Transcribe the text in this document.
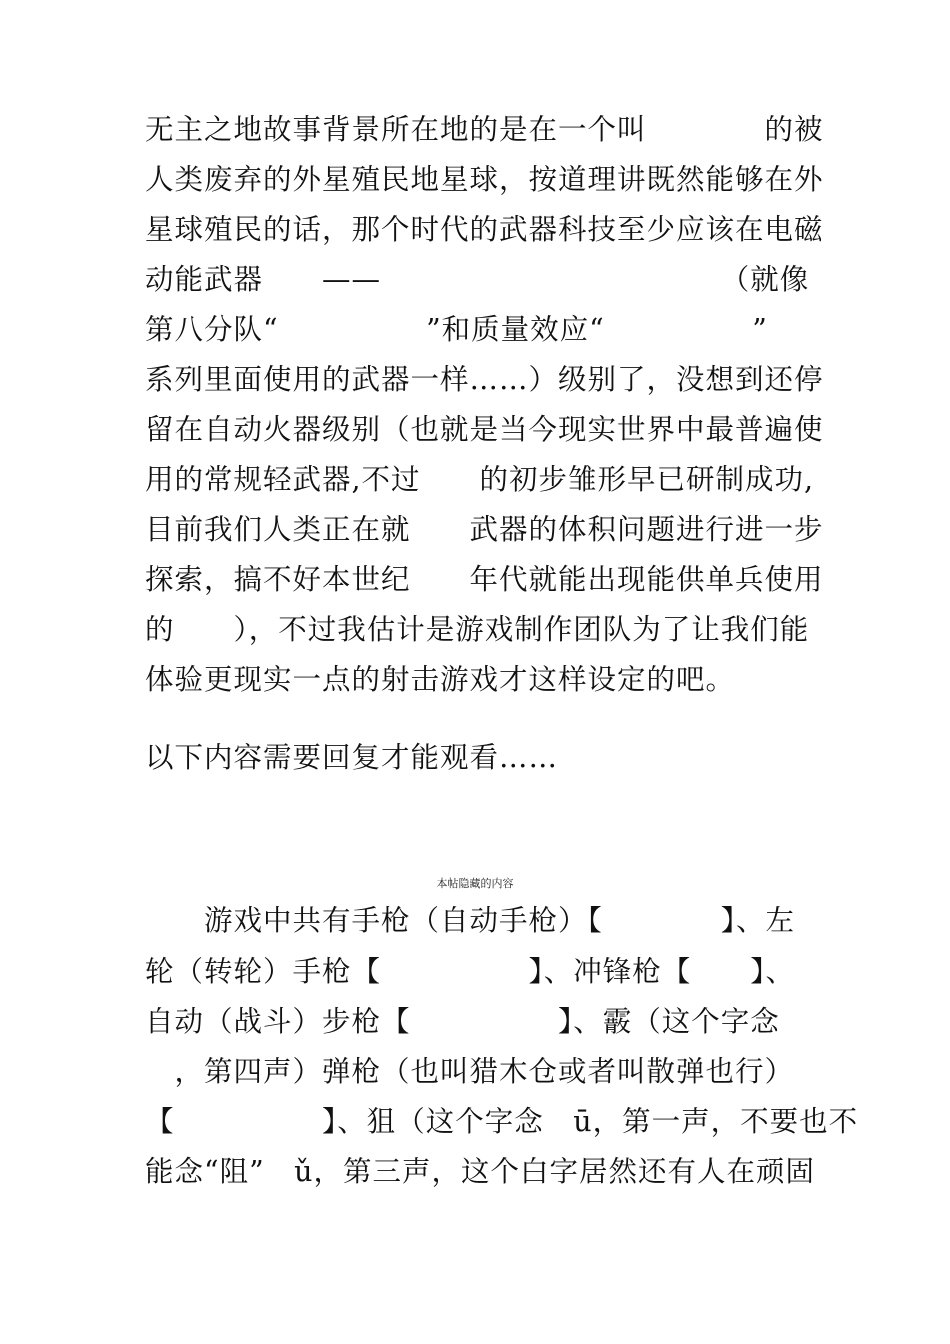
无主之地故事背景所在地的是在一个叫　　　　的被
人类废弃的外星殖民地星球，按道理讲既然能够在外
星球殖民的话，那个时代的武器科技至少应该在电磁
动能武器　　——　　　　　　　　　　　　（就像
第八分队“　　　　　”和质量效应“　　　　　”
系列里面使用的武器一样……）级别了，没想到还停
留在自动火器级别（也就是当今现实世界中最普遍使
用的常规轻武器,不过　　的初步雏形早已研制成功,
目前我们人类正在就　　武器的体积问题进行进一步
探索，搞不好本世纪　　年代就能出现能供单兵使用
的　　），不过我估计是游戏制作团队为了让我们能
体验更现实一点的射击游戏才这样设定的吧。
以下内容需要回复才能观看……
本帖隐藏的内容
　　游戏中共有手枪（自动手枪）【　　　　】、左
轮（转轮）手枪【　　　　　】、冲锋枪【　　】、
自动（战斗）步枪【　　　　　】、霰（这个字念
　，第四声）弹枪（也叫猎木仓或者叫散弹也行）
【　　　　　】、狙（这个字念　ū，第一声，不要也不
能念“阻”　ǔ，第三声，这个白字居然还有人在顽固
